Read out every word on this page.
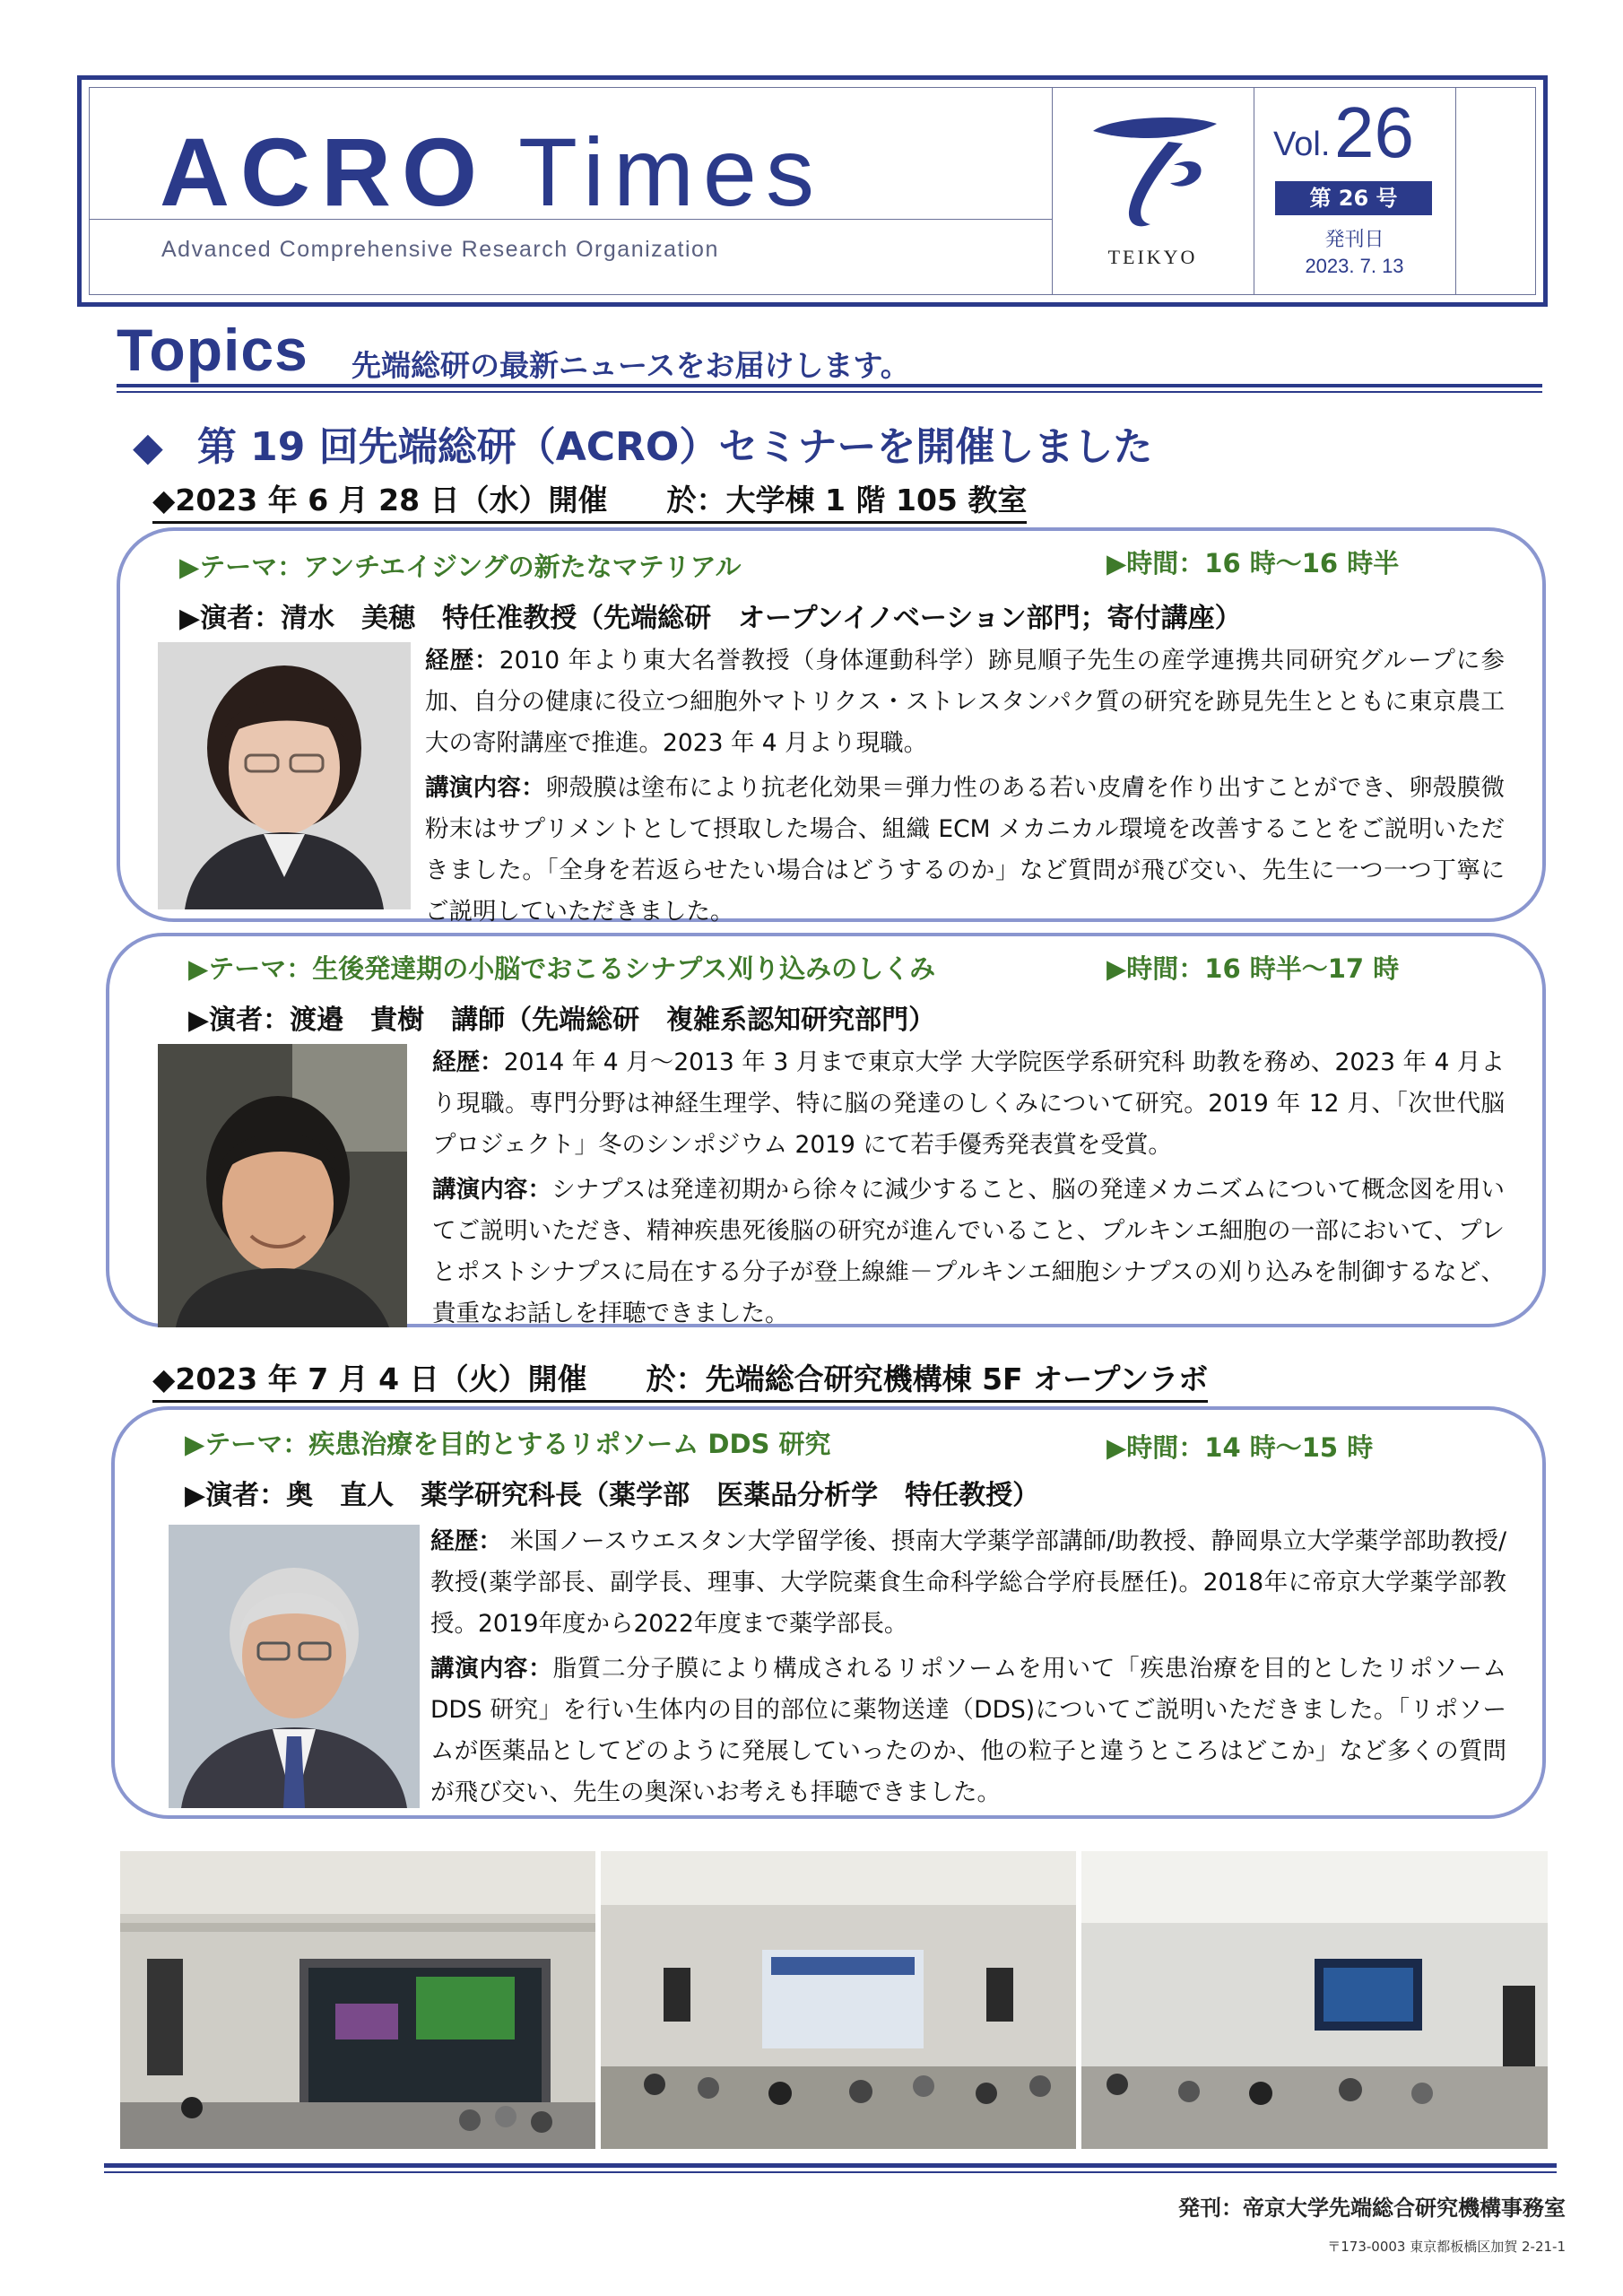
ACRO Times
Advanced Comprehensive Research Organization	TEIKYO
Vol. 26
第 26 号
発刊日
2023. 7. 13
Topics 先端総研の最新ニュースをお届けします。
◆ 第 19 回先端総研（ACRO）セミナーを開催しました
◆2023 年 6 月 28 日（水）開催　　於：大学棟 1 階 105 教室
▶テーマ：アンチエイジングの新たなマテリアル	▶時間：16 時～16 時半
▶演者：清水　美穂　特任准教授（先端総研　オープンイノベーション部門；寄付講座）
経歴：2010 年より東大名誉教授（身体運動科学）跡見順子先生の産学連携共同研究グループに参加、自分の健康に役立つ細胞外マトリクス・ストレスタンパク質の研究を跡見先生とともに東京農工大の寄附講座で推進。2023 年 4 月より現職。
講演内容：卵殻膜は塗布により抗老化効果＝弾力性のある若い皮膚を作り出すことができ、卵殻膜微粉末はサプリメントとして摂取した場合、組織 ECM メカニカル環境を改善することをご説明いただきました。「全身を若返らせたい場合はどうするのか」など質問が飛び交い、先生に一つ一つ丁寧にご説明していただきました。
▶テーマ：生後発達期の小脳でおこるシナプス刈り込みのしくみ	▶時間：16 時半～17 時
▶演者：渡邉　貴樹　講師（先端総研　複雑系認知研究部門）
経歴：2014 年 4 月～2013 年 3 月まで東京大学 大学院医学系研究科 助教を務め、2023 年 4 月より現職。専門分野は神経生理学、特に脳の発達のしくみについて研究。2019 年 12 月、「次世代脳プロジェクト」冬のシンポジウム 2019 にて若手優秀発表賞を受賞。
講演内容：シナプスは発達初期から徐々に減少すること、脳の発達メカニズムについて概念図を用いてご説明いただき、精神疾患死後脳の研究が進んでいること、プルキンエ細胞の一部において、プレとポストシナプスに局在する分子が登上線維－プルキンエ細胞シナプスの刈り込みを制御するなど、貴重なお話しを拝聴できました。
◆2023 年 7 月 4 日（火）開催　　於：先端総合研究機構棟 5F オープンラボ
▶テーマ：疾患治療を目的とするリポソーム DDS 研究	▶時間：14 時～15 時
▶演者：奥　直人　薬学研究科長（薬学部　医薬品分析学　特任教授）
経歴： 米国ノースウエスタン大学留学後、摂南大学薬学部講師/助教授、静岡県立大学薬学部助教授/教授(薬学部長、副学長、理事、大学院薬食生命科学総合学府長歴任)。2018年に帝京大学薬学部教授。2019年度から2022年度まで薬学部長。
講演内容：脂質二分子膜により構成されるリポソームを用いて「疾患治療を目的としたリポソーム DDS 研究」を行い生体内の目的部位に薬物送達（DDS)についてご説明いただきました。「リポソームが医薬品としてどのように発展していったのか、他の粒子と違うところはどこか」など多くの質問が飛び交い、先生の奥深いお考えも拝聴できました。
発刊：帝京大学先端総合研究機構事務室
〒173-0003 東京都板橋区加賀 2-21-1
